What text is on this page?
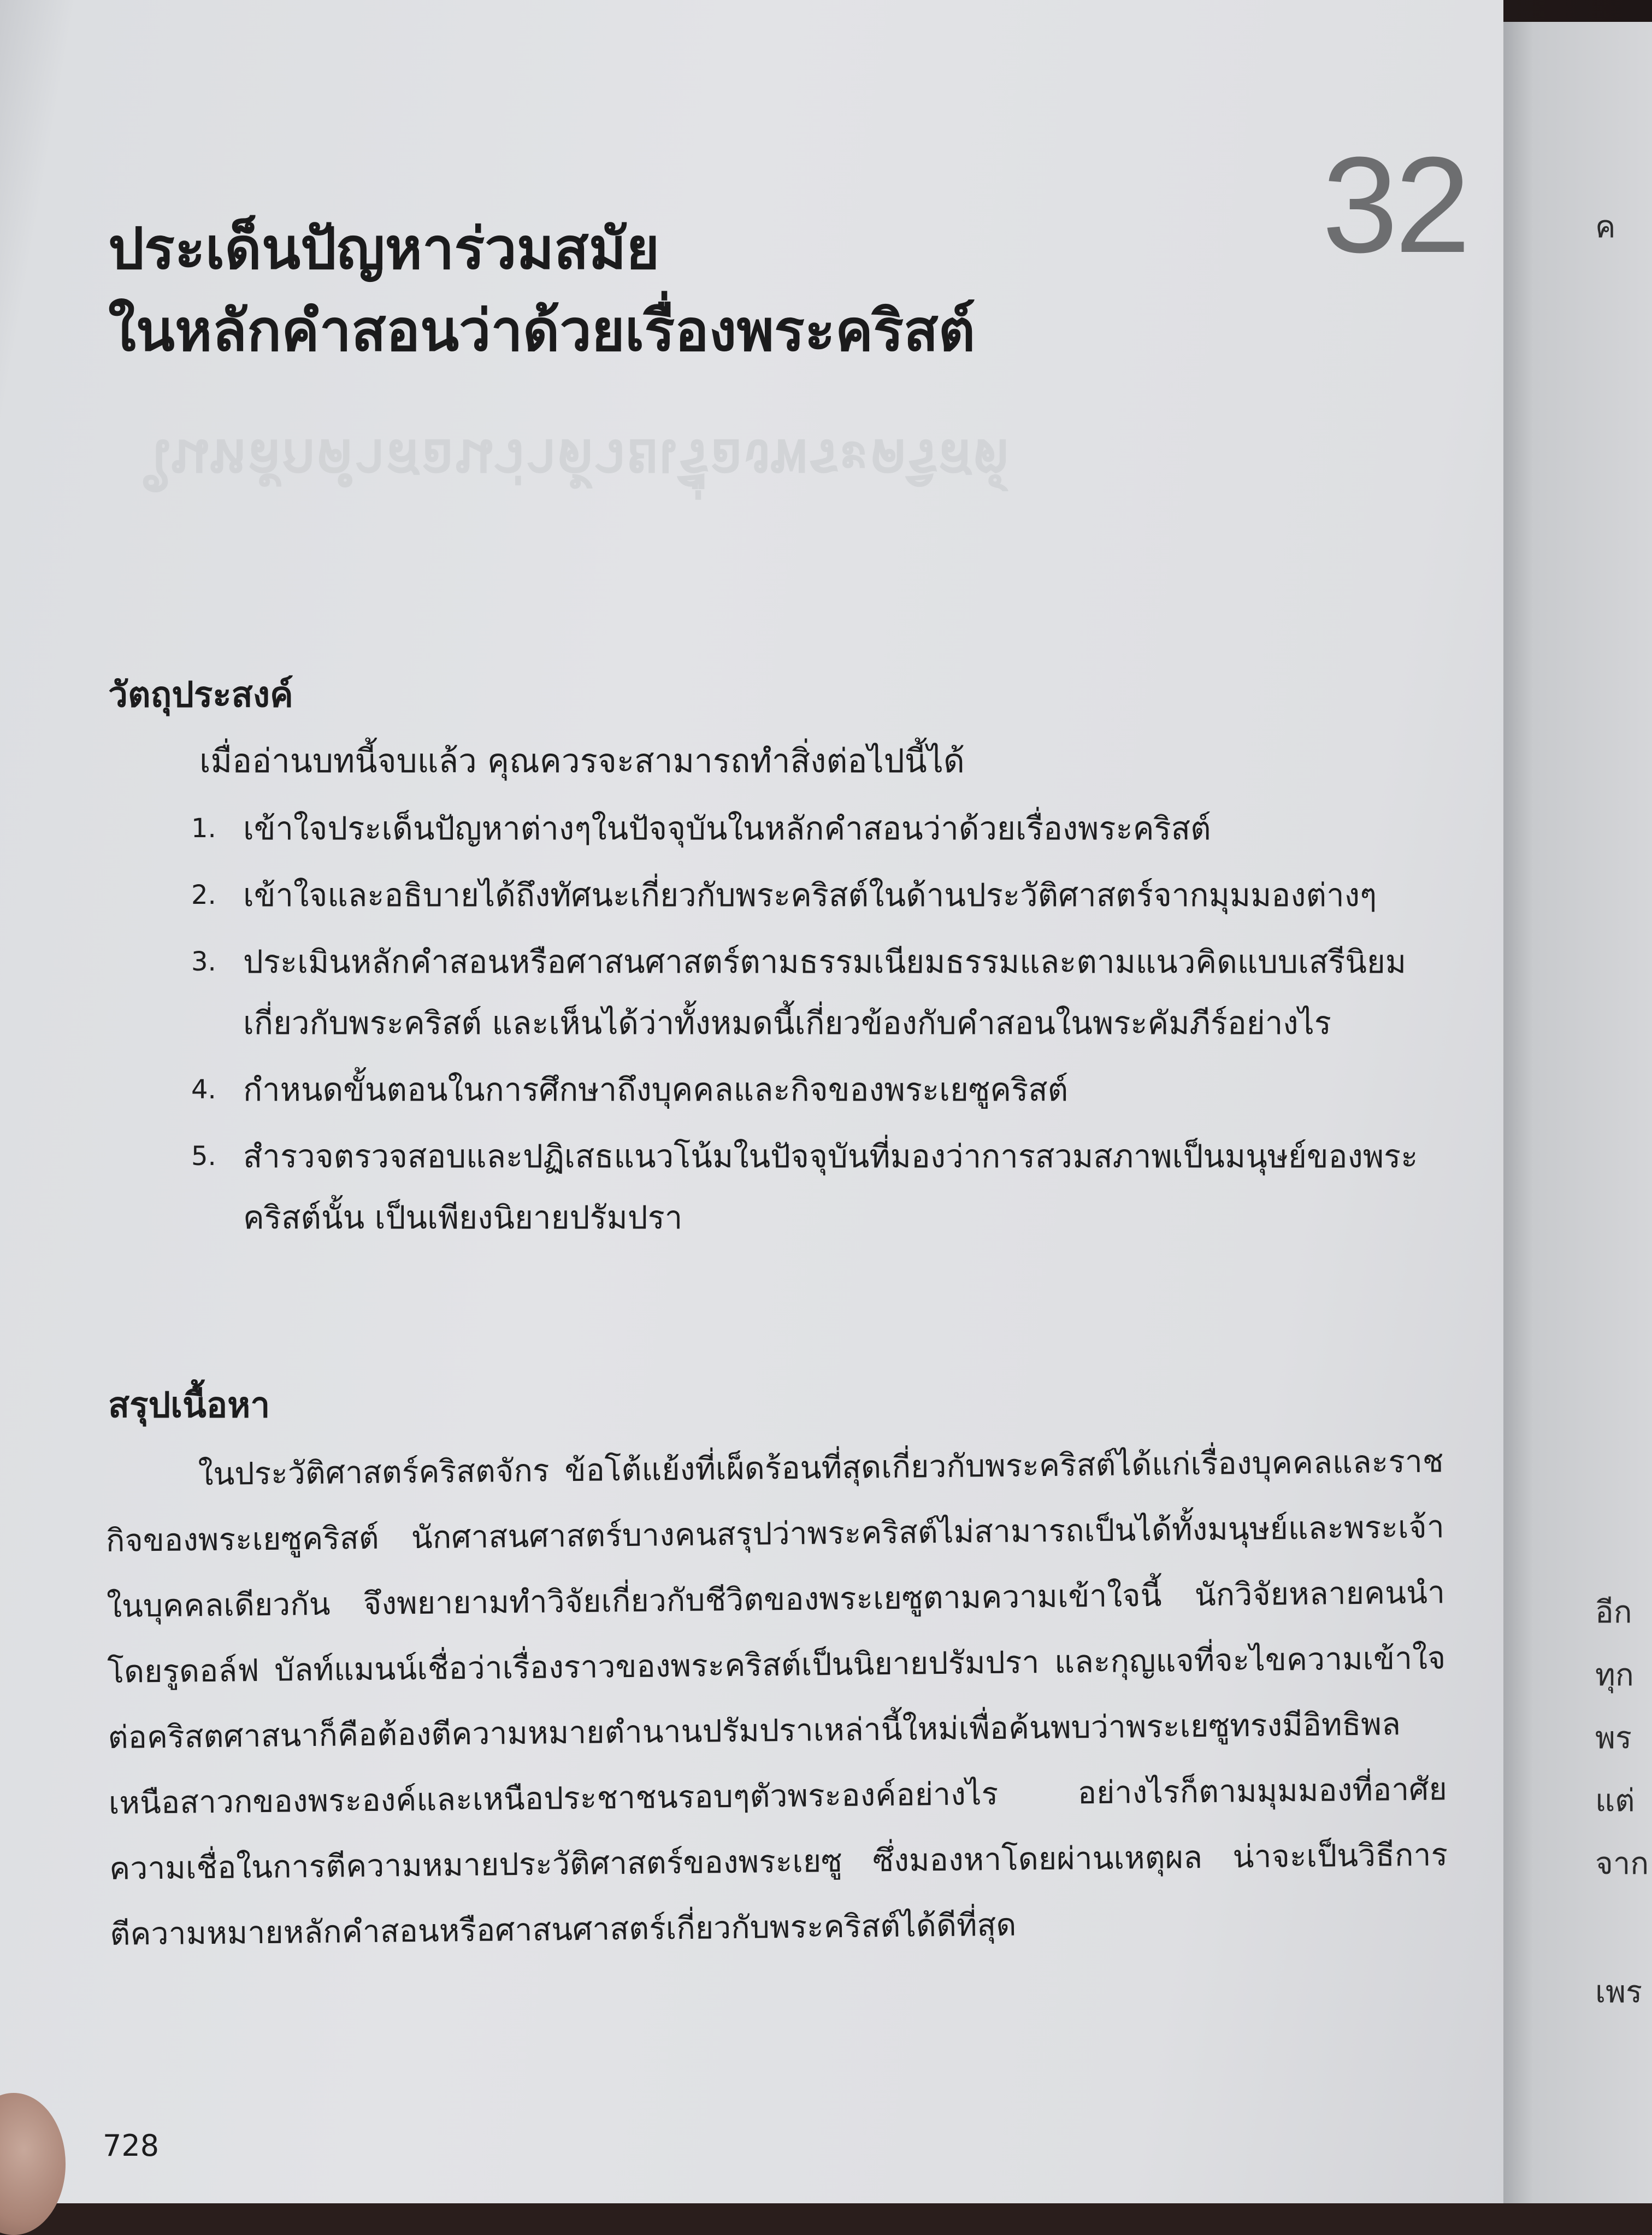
ค
อีก
ทุก
พร
แต่
จาก
เพร
32
ประเด็นปัญหาร่วมสมัย
ในหลักคำสอนว่าด้วยเรื่องพระคริสต์
ในหลักคำสอนว่าด้วยเรื่องพระคริสต์
วัตถุประสงค์
เมื่ออ่านบทนี้จบแล้ว คุณควรจะสามารถทำสิ่งต่อไปนี้ได้
1. เข้าใจประเด็นปัญหาต่างๆในปัจจุบันในหลักคำสอนว่าด้วยเรื่องพระคริสต์
2. เข้าใจและอธิบายได้ถึงทัศนะเกี่ยวกับพระคริสต์ในด้านประวัติศาสตร์จากมุมมองต่างๆ
3. ประเมินหลักคำสอนหรือศาสนศาสตร์ตามธรรมเนียมธรรมและตามแนวคิดแบบเสรีนิยมเกี่ยวกับพระคริสต์ และเห็นได้ว่าทั้งหมดนี้เกี่ยวข้องกับคำสอนในพระคัมภีร์อย่างไร
4. กำหนดขั้นตอนในการศึกษาถึงบุคคลและกิจของพระเยซูคริสต์
5. สำรวจตรวจสอบและปฏิเสธแนวโน้มในปัจจุบันที่มองว่าการสวมสภาพเป็นมนุษย์ของพระคริสต์นั้น เป็นเพียงนิยายปรัมปรา
สรุปเนื้อหา

ในประวัติศาสตร์คริสตจักร ข้อโต้แย้งที่เผ็ดร้อนที่สุดเกี่ยวกับพระคริสต์ได้แก่เรื่องบุคคลและราชกิจของพระเยซูคริสต์ นักศาสนศาสตร์บางคนสรุปว่าพระคริสต์ไม่สามารถเป็นได้ทั้งมนุษย์และพระเจ้าในบุคคลเดียวกัน จึงพยายามทำวิจัยเกี่ยวกับชีวิตของพระเยซูตามความเข้าใจนี้ นักวิจัยหลายคนนำโดยรูดอล์ฟ บัลท์แมนน์เชื่อว่าเรื่องราวของพระคริสต์เป็นนิยายปรัมปรา และกุญแจที่จะไขความเข้าใจต่อคริสตศาสนาก็คือต้องตีความหมายตำนานปรัมปราเหล่านี้ใหม่เพื่อค้นพบว่าพระเยซูทรงมีอิทธิพลเหนือสาวกของพระองค์และเหนือประชาชนรอบๆตัวพระองค์อย่างไร อย่างไรก็ตามมุมมองที่อาศัยความเชื่อในการตีความหมายประวัติศาสตร์ของพระเยซู ซึ่งมองหาโดยผ่านเหตุผล น่าจะเป็นวิธีการตีความหมายหลักคำสอนหรือศาสนศาสตร์เกี่ยวกับพระคริสต์ได้ดีที่สุด

728
